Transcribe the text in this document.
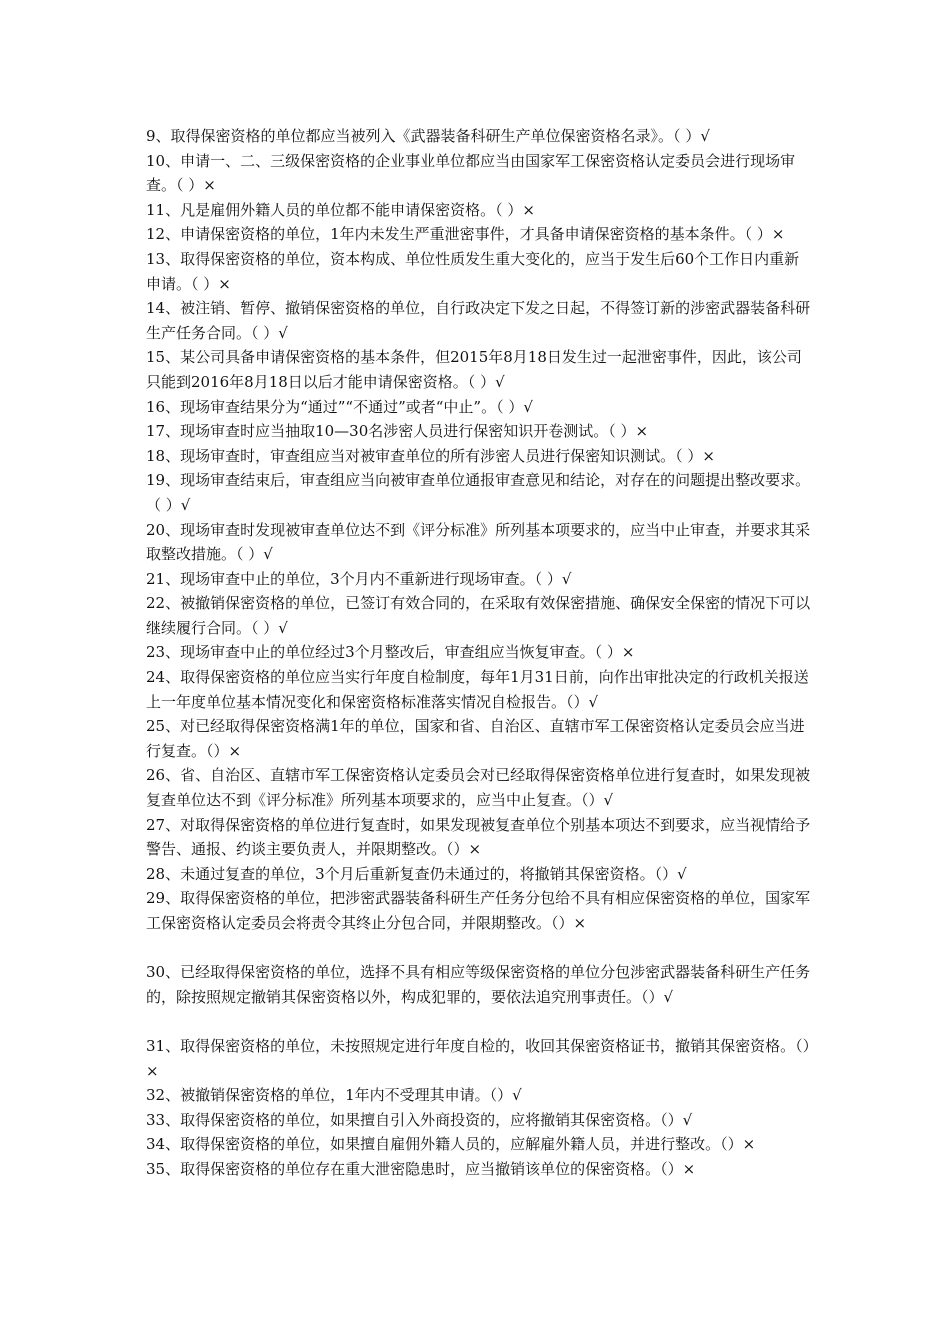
9、取得保密资格的单位都应当被列入《武器装备科研生产单位保密资格名录》。（ ）√

10、申请一、二、三级保密资格的企业事业单位都应当由国家军工保密资格认定委员会进行现场审查。（ ）×

11、凡是雇佣外籍人员的单位都不能申请保密资格。（ ）×

12、申请保密资格的单位，1年内未发生严重泄密事件，才具备申请保密资格的基本条件。（ ）×

13、取得保密资格的单位，资本构成、单位性质发生重大变化的，应当于发生后60个工作日内重新申请。（ ）×

14、被注销、暂停、撤销保密资格的单位，自行政决定下发之日起，不得签订新的涉密武器装备科研生产任务合同。（ ）√

15、某公司具备申请保密资格的基本条件，但2015年8月18日发生过一起泄密事件，因此，该公司只能到2016年8月18日以后才能申请保密资格。（ ）√

16、现场审查结果分为“通过”“不通过”或者“中止”。（ ）√

17、现场审查时应当抽取10—30名涉密人员进行保密知识开卷测试。（ ）×

18、现场审查时，审查组应当对被审查单位的所有涉密人员进行保密知识测试。（ ）×

19、现场审查结束后，审查组应当向被审查单位通报审查意见和结论，对存在的问题提出整改要求。（ ）√

20、现场审查时发现被审查单位达不到《评分标准》所列基本项要求的，应当中止审查，并要求其采取整改措施。（ ）√

21、现场审查中止的单位，3个月内不重新进行现场审查。（ ）√

22、被撤销保密资格的单位，已签订有效合同的，在采取有效保密措施、确保安全保密的情况下可以继续履行合同。（ ）√

23、现场审查中止的单位经过3个月整改后，审查组应当恢复审查。（ ）×

24、取得保密资格的单位应当实行年度自检制度，每年1月31日前，向作出审批决定的行政机关报送上一年度单位基本情况变化和保密资格标准落实情况自检报告。（）√

25、对已经取得保密资格满1年的单位，国家和省、自治区、直辖市军工保密资格认定委员会应当进行复查。（）×

26、省、自治区、直辖市军工保密资格认定委员会对已经取得保密资格单位进行复查时，如果发现被复查单位达不到《评分标准》所列基本项要求的，应当中止复查。（）√

27、对取得保密资格的单位进行复查时，如果发现被复查单位个别基本项达不到要求，应当视情给予警告、通报、约谈主要负责人，并限期整改。（）×

28、未通过复查的单位，3个月后重新复查仍未通过的，将撤销其保密资格。（）√

29、取得保密资格的单位，把涉密武器装备科研生产任务分包给不具有相应保密资格的单位，国家军工保密资格认定委员会将责令其终止分包合同，并限期整改。（）×

30、已经取得保密资格的单位，选择不具有相应等级保密资格的单位分包涉密武器装备科研生产任务的，除按照规定撤销其保密资格以外，构成犯罪的，要依法追究刑事责任。（）√

31、取得保密资格的单位，未按照规定进行年度自检的，收回其保密资格证书，撤销其保密资格。（）×

32、被撤销保密资格的单位，1年内不受理其申请。（）√

33、取得保密资格的单位，如果擅自引入外商投资的，应将撤销其保密资格。（）√

34、取得保密资格的单位，如果擅自雇佣外籍人员的，应解雇外籍人员，并进行整改。（）×

35、取得保密资格的单位存在重大泄密隐患时，应当撤销该单位的保密资格。（）×
